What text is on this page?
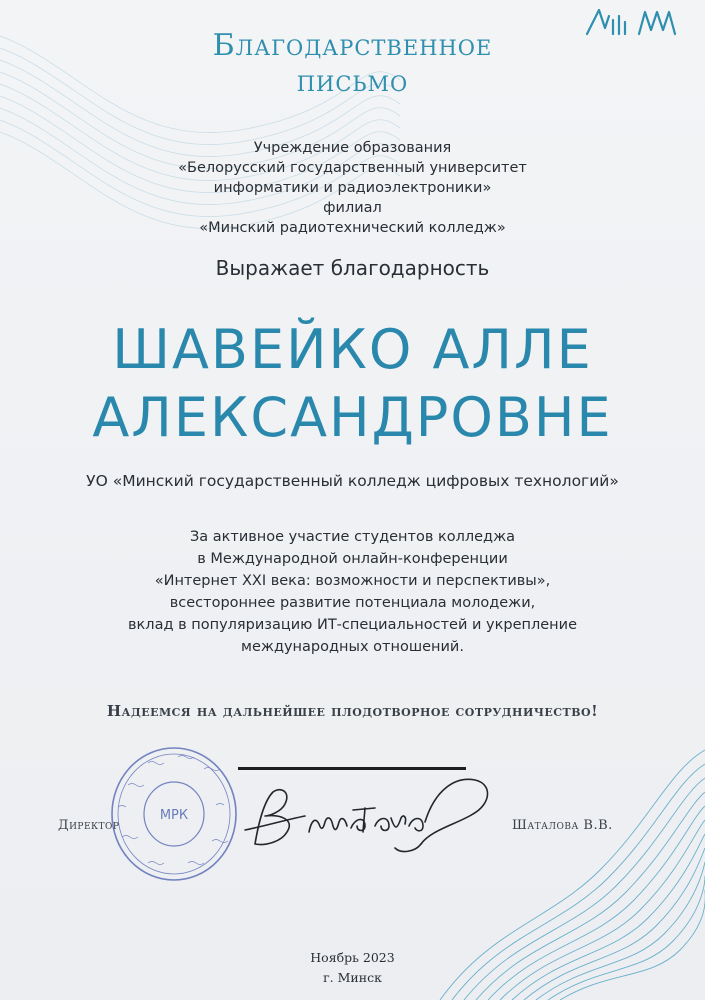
Благодарственное
письмо
Учреждение образования
«Белорусский государственный университет
информатики и радиоэлектроники»
филиал
«Минский радиотехнический колледж»
Выражает благодарность
ШАВЕЙКО АЛЛЕ
АЛЕКСАНДРОВНЕ
УО «Минский государственный колледж цифровых технологий»
За активное участие студентов колледжа
в Международной онлайн-конференции
«Интернет XXI века: возможности и перспективы»,
всестороннее развитие потенциала молодежи,
вклад в популяризацию ИТ-специальностей и укрепление
международных отношений.
Надеемся на дальнейшее плодотворное сотрудничество!
МРК
Директор	Шаталова В.В.
Ноябрь 2023
г. Минск
